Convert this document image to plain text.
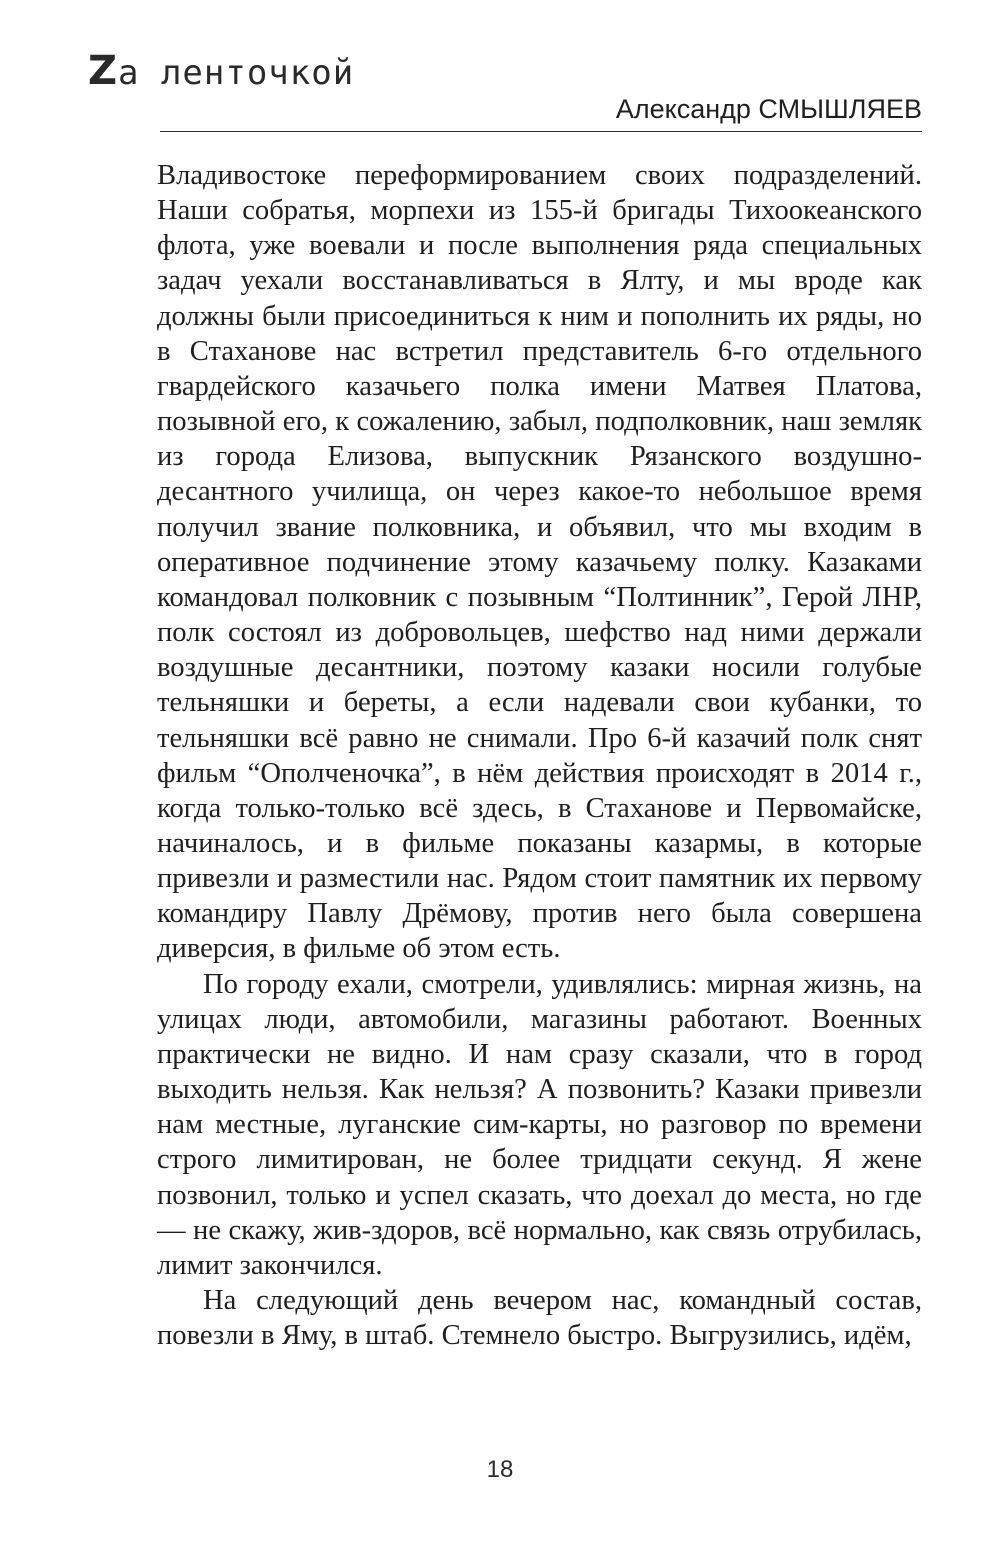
Zа ленточкой
Александр СМЫШЛЯЕВ

Владивостоке переформированием своих подразделений. Наши собратья, морпехи из 155-й бригады Тихоокеанского флота, уже воевали и после выполнения ряда специальных задач уехали восстанавливаться в Ялту, и мы вроде как должны были присоединиться к ним и пополнить их ряды, но в Стаханове нас встретил представитель 6-го отдельного гвардейского казачьего полка имени Матвея Платова, позывной его, к сожалению, забыл, подполковник, наш земляк из города Елизова, выпускник Рязанского воздушно-десантного училища, он через какое-то небольшое время получил звание полковника, и объявил, что мы входим в оперативное подчинение этому казачьему полку. Казаками командовал полковник с позывным “Полтинник”, Герой ЛНР, полк состоял из добровольцев, шефство над ними держали воздушные десантники, поэтому казаки носили голубые тельняшки и береты, а если надевали свои кубанки, то тельняшки всё равно не снимали. Про 6-й казачий полк снят фильм “Ополченочка”, в нём действия происходят в 2014 г., когда только-только всё здесь, в Стаханове и Первомайске, начиналось, и в фильме показаны казармы, в которые привезли и разместили нас. Рядом стоит памятник их первому командиру Павлу Дрёмову, против него была совершена диверсия, в фильме об этом есть.

По городу ехали, смотрели, удивлялись: мирная жизнь, на улицах люди, автомобили, магазины работают. Военных практически не видно. И нам сразу сказали, что в город выходить нельзя. Как нельзя? А позвонить? Казаки привезли нам местные, луганские сим-карты, но разговор по времени строго лимитирован, не более тридцати секунд. Я жене позвонил, только и успел сказать, что доехал до места, но где — не скажу, жив-здоров, всё нормально, как связь отрубилась, лимит закончился.

На следующий день вечером нас, командный состав, повезли в Яму, в штаб. Стемнело быстро. Выгрузились, идём,

18
